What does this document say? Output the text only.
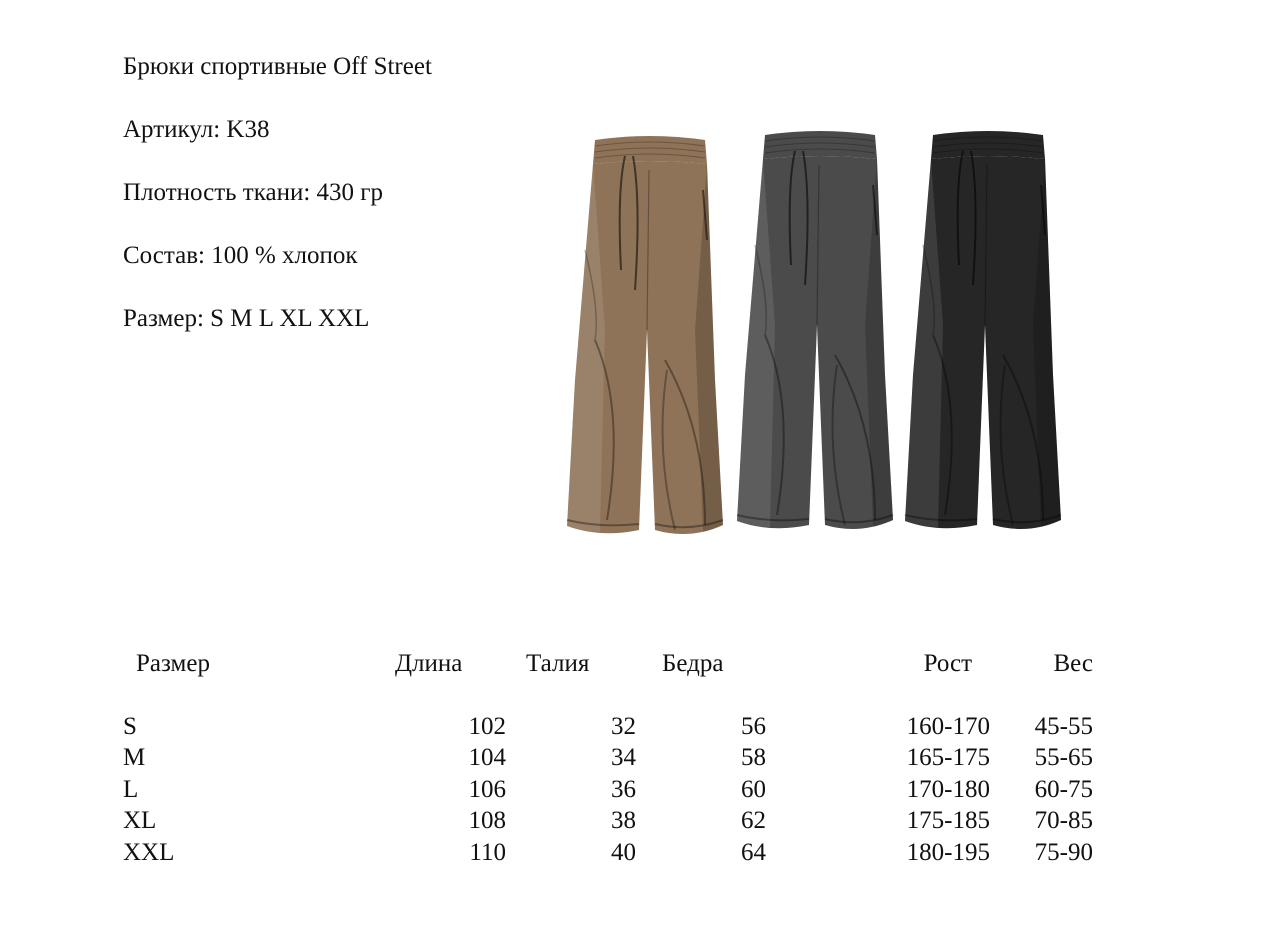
Брюки спортивные Off Street
Артикул: K38
Плотность ткани: 430 гр
Состав: 100 % хлопок
Размер: S M L XL XXL
Размер	Длина	Талия	Бедра	Рост	Вес
S	102	32	56	160-170	45-55
M	104	34	58	165-175	55-65
L	106	36	60	170-180	60-75
XL	108	38	62	175-185	70-85
XXL	110	40	64	180-195	75-90
